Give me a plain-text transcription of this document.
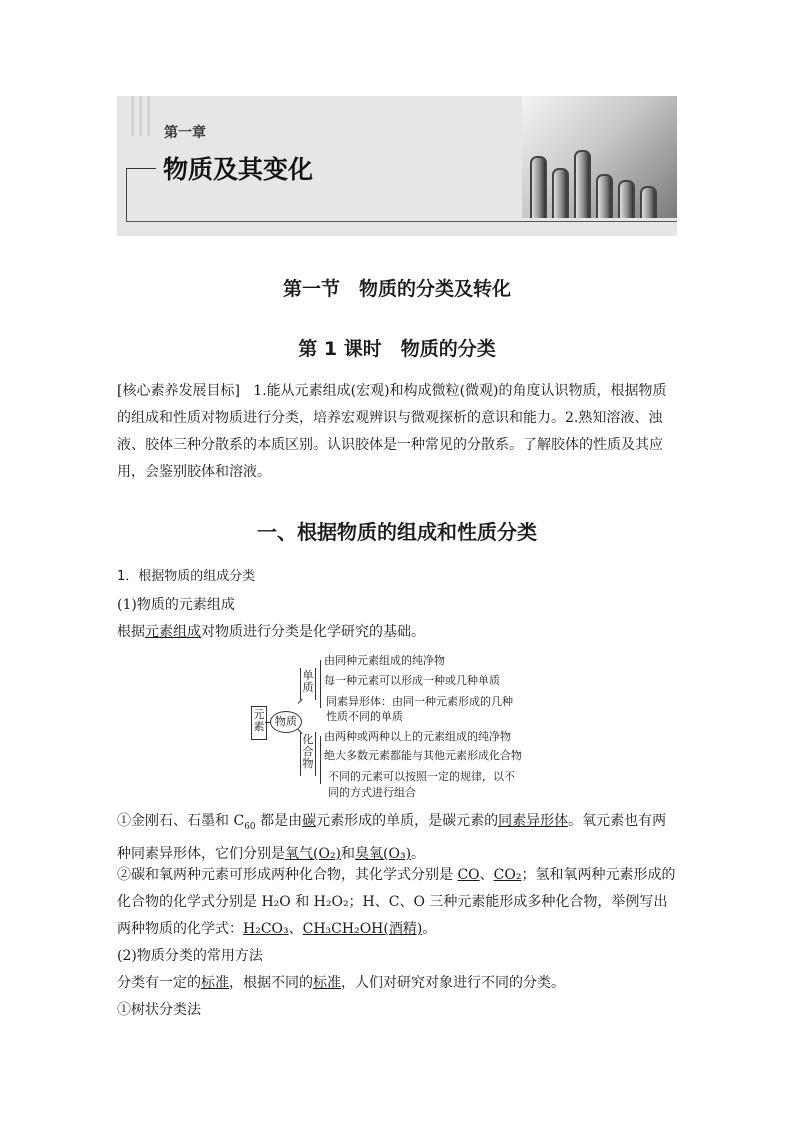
第一章
物质及其变化
第一节　物质的分类及转化
第 1 课时　物质的分类
[核心素养发展目标] 1.能从元素组成(宏观)和构成微粒(微观)的角度认识物质，根据物质的组成和性质对物质进行分类，培养宏观辨识与微观探析的意识和能力。2.熟知溶液、浊液、胶体三种分散系的本质区别。认识胶体是一种常见的分散系。了解胶体的性质及其应用，会鉴别胶体和溶液。
一、根据物质的组成和性质分类
1．根据物质的组成分类
(1)物质的元素组成
根据元素组成对物质进行分类是化学研究的基础。
元素 物质
单质
化合物
由同种元素组成的纯净物
每一种元素可以形成一种或几种单质
同素异形体：由同一种元素形成的几种
性质不同的单质
由两种或两种以上的元素组成的纯净物
绝大多数元素都能与其他元素形成化合物
不同的元素可以按照一定的规律，以不
同的方式进行组合
①金刚石、石墨和 $C_{60}$ 都是由碳元素形成的单质，是碳元素的同素异形体。氧元素也有两种同素异形体，它们分别是氧气(O₂)和臭氧(O₃)。
②碳和氧两种元素可形成两种化合物，其化学式分别是 CO、CO₂；氢和氧两种元素形成的化合物的化学式分别是 H₂O 和 H₂O₂；H、C、O 三种元素能形成多种化合物，举例写出两种物质的化学式：H₂CO₃、CH₃CH₂OH(酒精)。
(2)物质分类的常用方法
分类有一定的标准，根据不同的标准，人们对研究对象进行不同的分类。
①树状分类法
